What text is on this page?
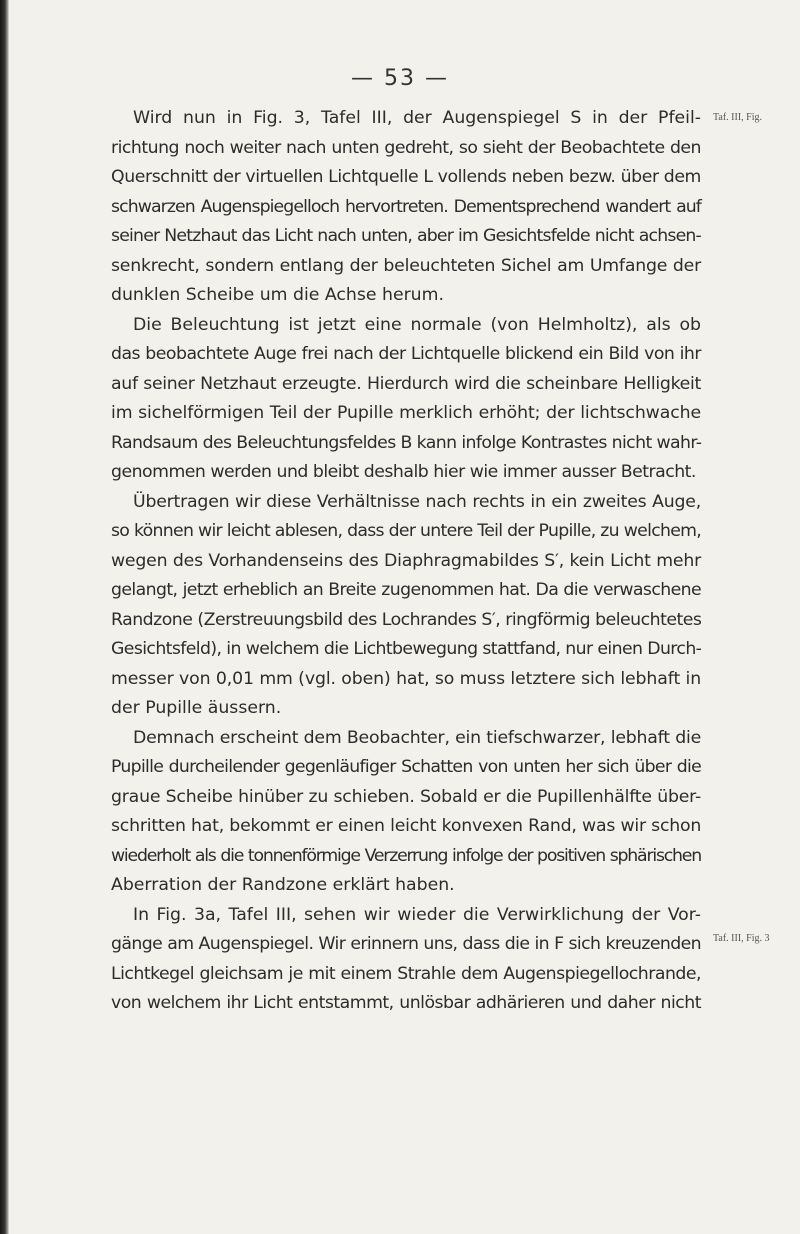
— 53 —
Wird nun in Fig. 3, Tafel III, der Augenspiegel S in der Pfeil-
richtung noch weiter nach unten gedreht, so sieht der Beobachtete den
Querschnitt der virtuellen Lichtquelle L vollends neben bezw. über dem
schwarzen Augenspiegelloch hervortreten. Dementsprechend wandert auf
seiner Netzhaut das Licht nach unten, aber im Gesichtsfelde nicht achsen-
senkrecht, sondern entlang der beleuchteten Sichel am Umfange der
dunklen Scheibe um die Achse herum.
Die Beleuchtung ist jetzt eine normale (von Helmholtz), als ob
das beobachtete Auge frei nach der Lichtquelle blickend ein Bild von ihr
auf seiner Netzhaut erzeugte. Hierdurch wird die scheinbare Helligkeit
im sichelförmigen Teil der Pupille merklich erhöht; der lichtschwache
Randsaum des Beleuchtungsfeldes B kann infolge Kontrastes nicht wahr-
genommen werden und bleibt deshalb hier wie immer ausser Betracht.
Übertragen wir diese Verhältnisse nach rechts in ein zweites Auge,
so können wir leicht ablesen, dass der untere Teil der Pupille, zu welchem,
wegen des Vorhandenseins des Diaphragmabildes S′, kein Licht mehr
gelangt, jetzt erheblich an Breite zugenommen hat. Da die verwaschene
Randzone (Zerstreuungsbild des Lochrandes S′, ringförmig beleuchtetes
Gesichtsfeld), in welchem die Lichtbewegung stattfand, nur einen Durch-
messer von 0,01 mm (vgl. oben) hat, so muss letztere sich lebhaft in
der Pupille äussern.
Demnach erscheint dem Beobachter, ein tiefschwarzer, lebhaft die
Pupille durcheilender gegenläufiger Schatten von unten her sich über die
graue Scheibe hinüber zu schieben. Sobald er die Pupillenhälfte über-
schritten hat, bekommt er einen leicht konvexen Rand, was wir schon
wiederholt als die tonnenförmige Verzerrung infolge der positiven sphärischen
Aberration der Randzone erklärt haben.
In Fig. 3a, Tafel III, sehen wir wieder die Verwirklichung der Vor-
gänge am Augenspiegel. Wir erinnern uns, dass die in F sich kreuzenden
Lichtkegel gleichsam je mit einem Strahle dem Augenspiegellochrande,
von welchem ihr Licht entstammt, unlösbar adhärieren und daher nicht
Taf. III, Fig.
Taf. III, Fig. 3
